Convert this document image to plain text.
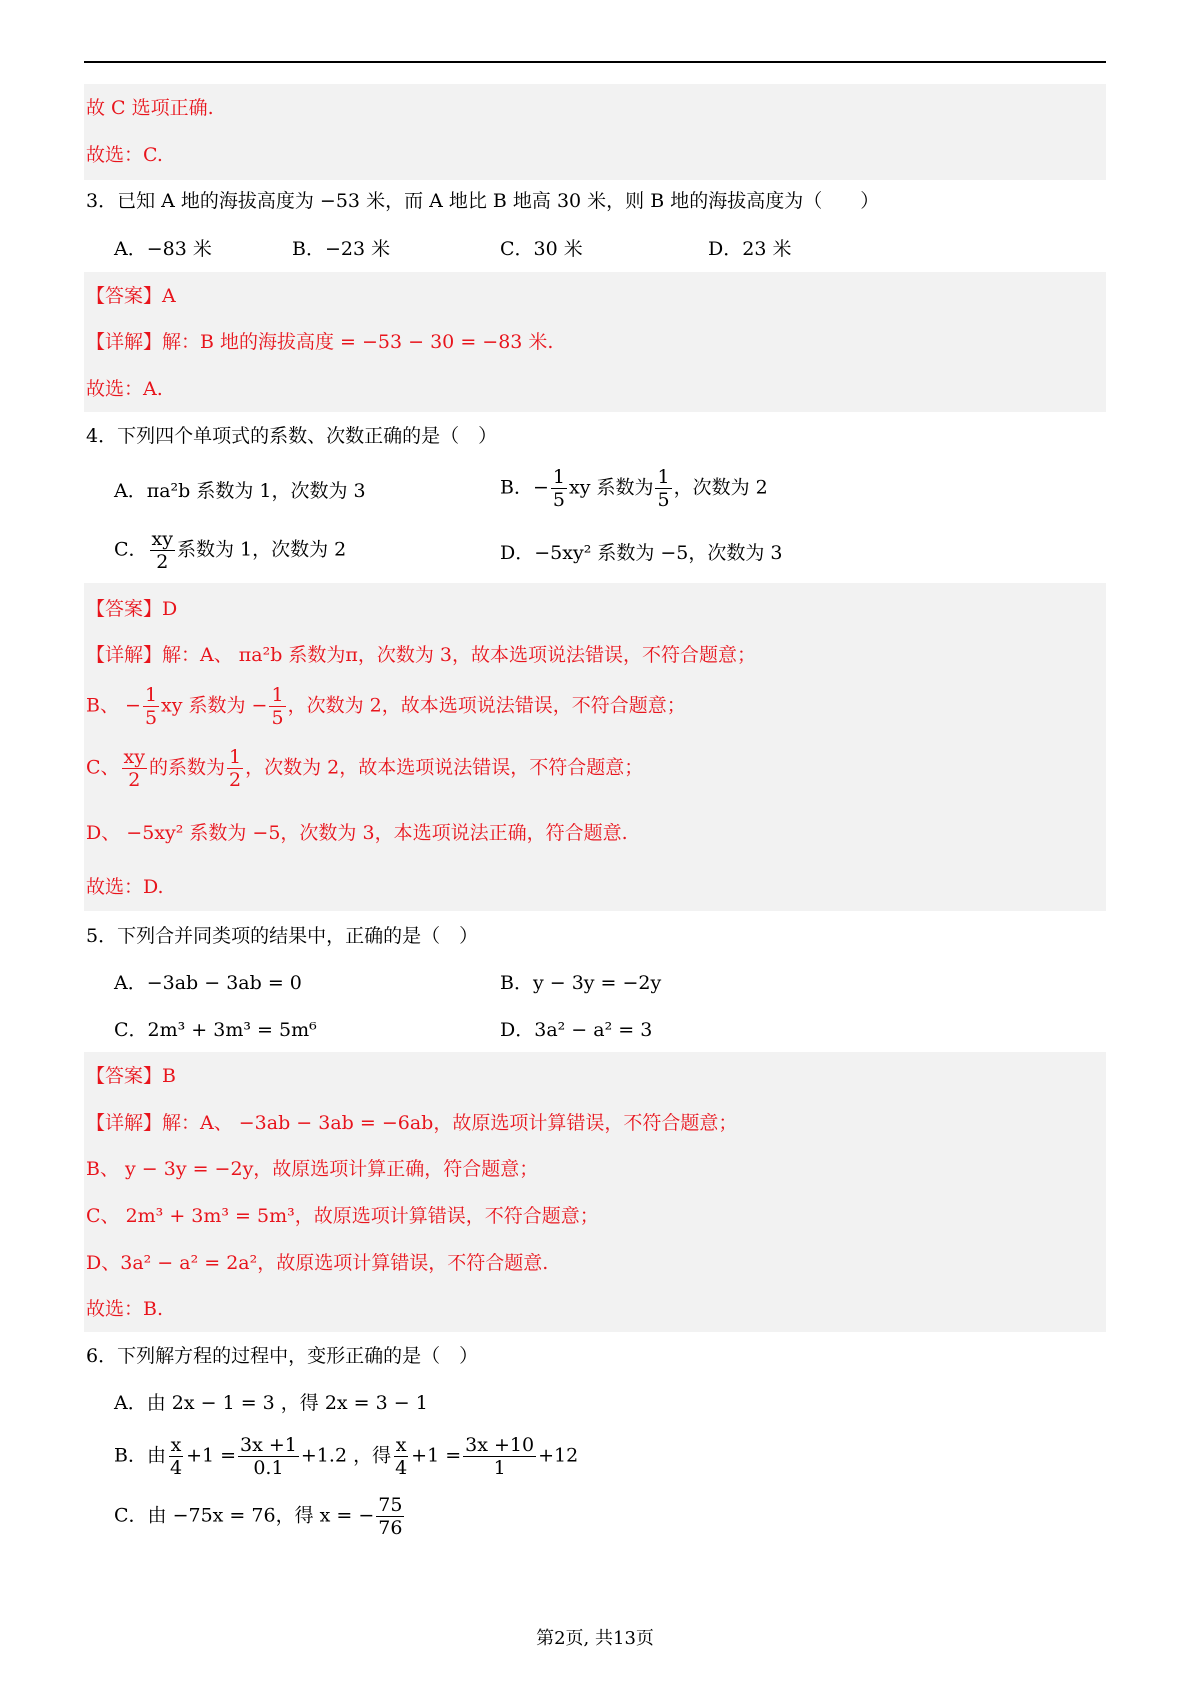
故 C 选项正确.
故选：C.
3．已知 A 地的海拔高度为 −53 米，而 A 地比 B 地高 30 米，则 B 地的海拔高度为（　　）
A．−83 米	B．−23 米	C．30 米	D．23 米
【答案】A
【详解】解：B 地的海拔高度 = −53 − 30 = −83 米.
故选：A.
4．下列四个单项式的系数、次数正确的是（　）
A．πa²b 系数为 1，次数为 3	B．− $\frac{1}{5}$ xy 系数为 $\frac{1}{5}$ ，次数为 2
C． $\frac{xy}{2}$ 系数为 1，次数为 2	D．−5xy² 系数为 −5，次数为 3
【答案】D
【详解】解：A、 πa²b 系数为π，次数为 3，故本选项说法错误，不符合题意；
B、 − $\frac{1}{5}$ xy 系数为 − $\frac{1}{5}$ ，次数为 2，故本选项说法错误，不符合题意；
C、 $\frac{xy}{2}$ 的系数为 $\frac{1}{2}$ ，次数为 2，故本选项说法错误，不符合题意；
D、 −5xy² 系数为 −5，次数为 3，本选项说法正确，符合题意.
故选：D.
5．下列合并同类项的结果中，正确的是（　）
A．−3ab − 3ab = 0	B．y − 3y = −2y
C．2m³ + 3m³ = 5m⁶	D．3a² − a² = 3
【答案】B
【详解】解：A、 −3ab − 3ab = −6ab，故原选项计算错误，不符合题意；
B、 y − 3y = −2y，故原选项计算正确，符合题意；
C、 2m³ + 3m³ = 5m³，故原选项计算错误，不符合题意；
D、3a² − a² = 2a²，故原选项计算错误，不符合题意.
故选：B.
6．下列解方程的过程中，变形正确的是（　）
A．由 2x − 1 = 3 ，得 2x = 3 − 1
B．由 $\frac{x}{4} +1 = \frac{3x +1}{0.1} +1.2$ ，得 $\frac{x}{4} +1 = \frac{3x +10}{1} +12$
C．由 −75x = 76，得 x = − $\frac{75}{76}$
第2页, 共13页
